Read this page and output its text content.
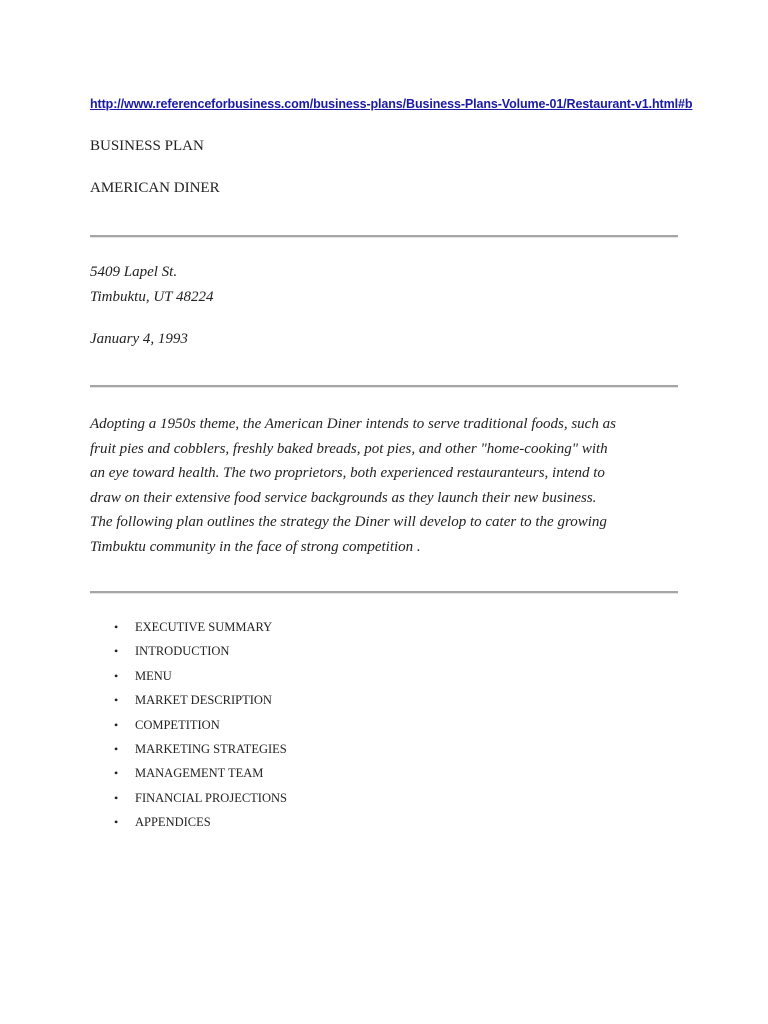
http://www.referenceforbusiness.com/business-plans/Business-Plans-Volume-01/Restaurant-v1.html#b
BUSINESS PLAN
AMERICAN DINER
5409 Lapel St.
Timbuktu, UT 48224
January 4, 1993
Adopting a 1950s theme, the American Diner intends to serve traditional foods, such as
fruit pies and cobblers, freshly baked breads, pot pies, and other "home-cooking" with
an eye toward health. The two proprietors, both experienced restauranteurs, intend to
draw on their extensive food service backgrounds as they launch their new business.
The following plan outlines the strategy the Diner will develop to cater to the growing
Timbuktu community in the face of strong competition .
• EXECUTIVE SUMMARY
• INTRODUCTION
• MENU
• MARKET DESCRIPTION
• COMPETITION
• MARKETING STRATEGIES
• MANAGEMENT TEAM
• FINANCIAL PROJECTIONS
• APPENDICES
